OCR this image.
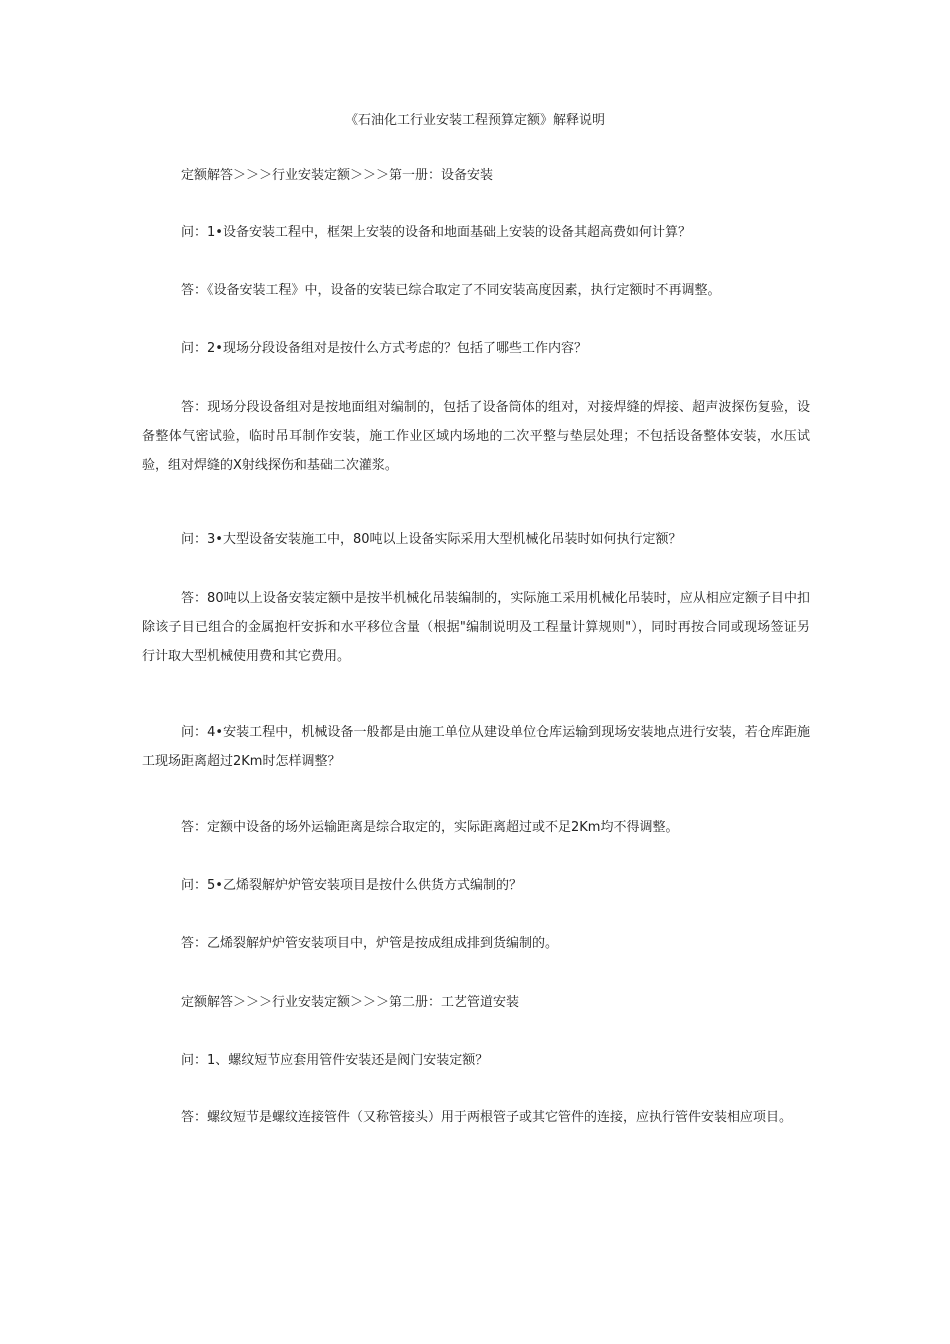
《石油化工行业安装工程预算定额》解释说明
定额解答＞＞＞行业安装定额＞＞＞第一册：设备安装
问：1•设备安装工程中，框架上安装的设备和地面基础上安装的设备其超高费如何计算？
答：《设备安装工程》中，设备的安装已综合取定了不同安装高度因素，执行定额时不再调整。
问：2•现场分段设备组对是按什么方式考虑的？包括了哪些工作内容？
答：现场分段设备组对是按地面组对编制的，包括了设备筒体的组对，对接焊缝的焊接、超声波探伤复验，设备整体气密试验，临时吊耳制作安装，施工作业区域内场地的二次平整与垫层处理；不包括设备整体安装，水压试验，组对焊缝的X射线探伤和基础二次灌浆。
问：3•大型设备安装施工中，80吨以上设备实际采用大型机械化吊装时如何执行定额？
答：80吨以上设备安装定额中是按半机械化吊装编制的，实际施工采用机械化吊装时，应从相应定额子目中扣除该子目已组合的金属抱杆安拆和水平移位含量（根据"编制说明及工程量计算规则"），同时再按合同或现场签证另行计取大型机械使用费和其它费用。
问：4•安装工程中，机械设备一般都是由施工单位从建设单位仓库运输到现场安装地点进行安装，若仓库距施工现场距离超过2Km时怎样调整？
答：定额中设备的场外运输距离是综合取定的，实际距离超过或不足2Km均不得调整。
问：5•乙烯裂解炉炉管安装项目是按什么供货方式编制的？
答：乙烯裂解炉炉管安装项目中，炉管是按成组成排到货编制的。
定额解答＞＞＞行业安装定额＞＞＞第二册：工艺管道安装
问：1、螺纹短节应套用管件安装还是阀门安装定额？
答：螺纹短节是螺纹连接管件（又称管接头）用于两根管子或其它管件的连接，应执行管件安装相应项目。
